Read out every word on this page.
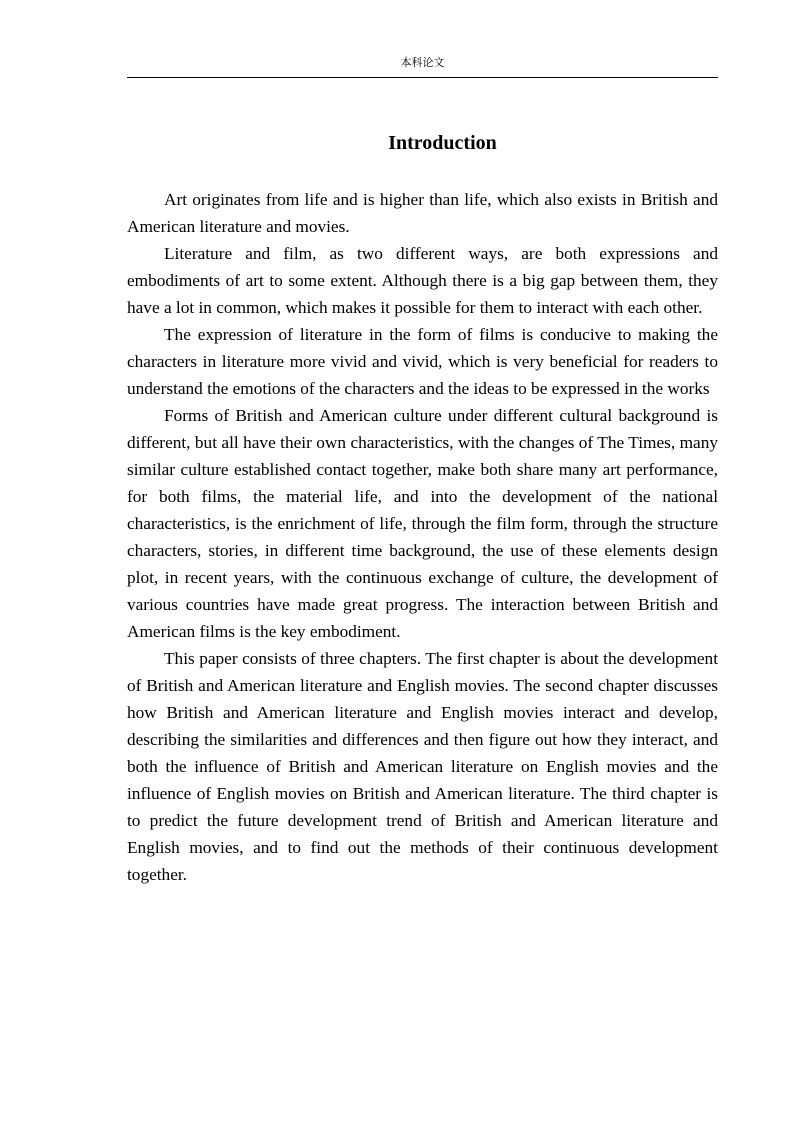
本科论文
Introduction

Art originates from life and is higher than life, which also exists in British and American literature and movies.

Literature and film, as two different ways, are both expressions and embodiments of art to some extent. Although there is a big gap between them, they have a lot in common, which makes it possible for them to interact with each other.

The expression of literature in the form of films is conducive to making the characters in literature more vivid and vivid, which is very beneficial for readers to understand the emotions of the characters and the ideas to be expressed in the works

Forms of British and American culture under different cultural background is different, but all have their own characteristics, with the changes of The Times, many similar culture established contact together, make both share many art performance, for both films, the material life, and into the development of the national characteristics, is the enrichment of life, through the film form, through the structure characters, stories, in different time background, the use of these elements design plot, in recent years, with the continuous exchange of culture, the development of various countries have made great progress. The interaction between British and American films is the key embodiment.

This paper consists of three chapters. The first chapter is about the development of British and American literature and English movies. The second chapter discusses how British and American literature and English movies interact and develop, describing the similarities and differences and then figure out how they interact, and both the influence of British and American literature on English movies and the influence of English movies on British and American literature. The third chapter is to predict the future development trend of British and American literature and English movies, and to find out the methods of their continuous development together.
